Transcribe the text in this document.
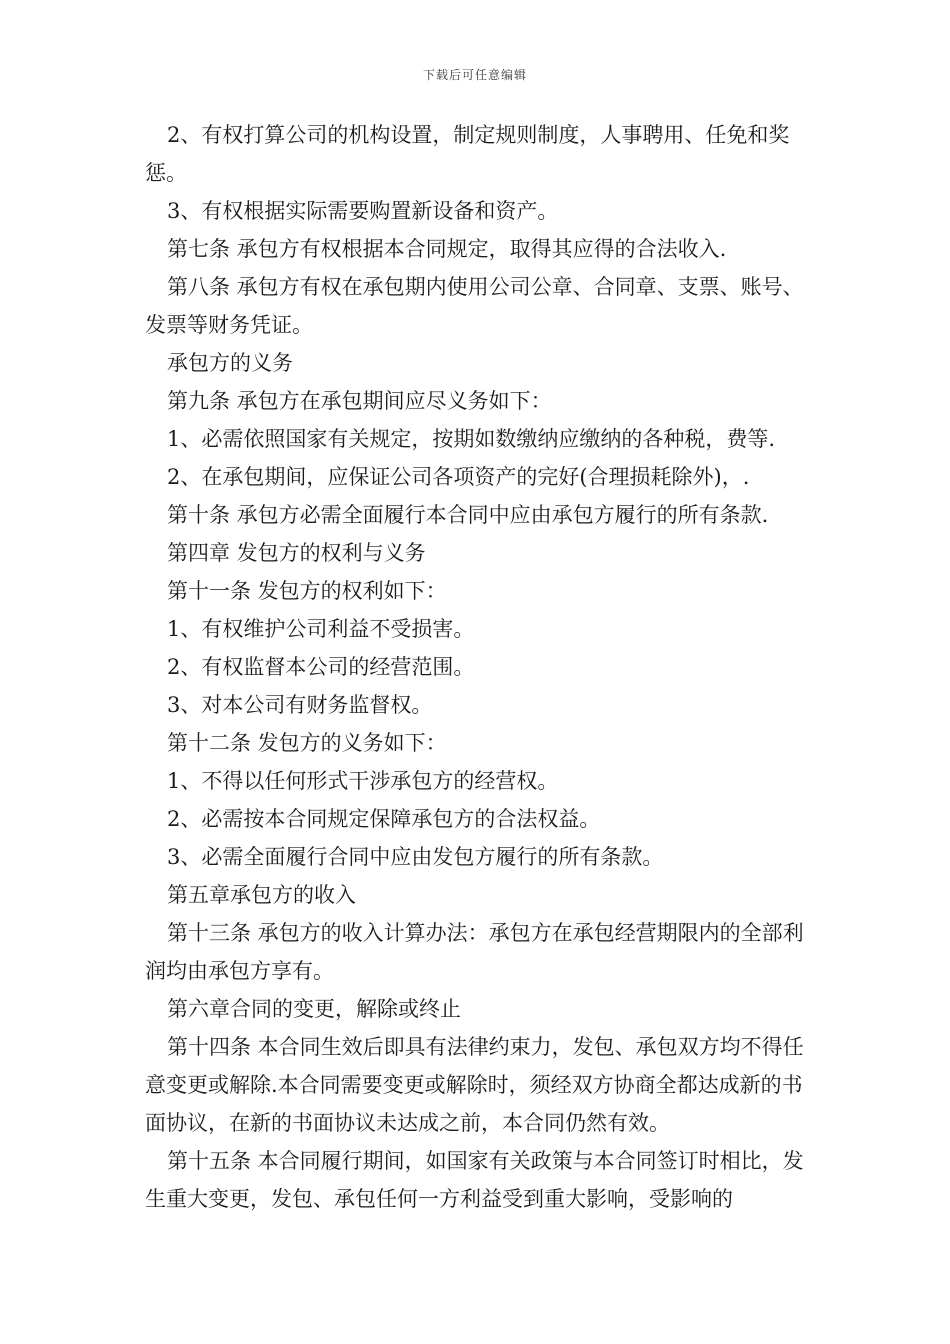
下载后可任意编辑

2、有权打算公司的机构设置，制定规则制度，人事聘用、任免和奖惩。

3、有权根据实际需要购置新设备和资产。

第七条 承包方有权根据本合同规定，取得其应得的合法收入.

第八条 承包方有权在承包期内使用公司公章、合同章、支票、账号、发票等财务凭证。

承包方的义务

第九条 承包方在承包期间应尽义务如下：

1、必需依照国家有关规定，按期如数缴纳应缴纳的各种税，费等.

2、在承包期间，应保证公司各项资产的完好(合理损耗除外)，.

第十条 承包方必需全面履行本合同中应由承包方履行的所有条款.

第四章 发包方的权利与义务

第十一条 发包方的权利如下：

1、有权维护公司利益不受损害。

2、有权监督本公司的经营范围。

3、对本公司有财务监督权。

第十二条 发包方的义务如下：

1、不得以任何形式干涉承包方的经营权。

2、必需按本合同规定保障承包方的合法权益。

3、必需全面履行合同中应由发包方履行的所有条款。

第五章承包方的收入

第十三条 承包方的收入计算办法：承包方在承包经营期限内的全部利润均由承包方享有。

第六章合同的变更，解除或终止

第十四条 本合同生效后即具有法律约束力，发包、承包双方均不得任意变更或解除.本合同需要变更或解除时，须经双方协商全都达成新的书面协议，在新的书面协议未达成之前，本合同仍然有效。

第十五条 本合同履行期间，如国家有关政策与本合同签订时相比，发生重大变更，发包、承包任何一方利益受到重大影响，受影响的
